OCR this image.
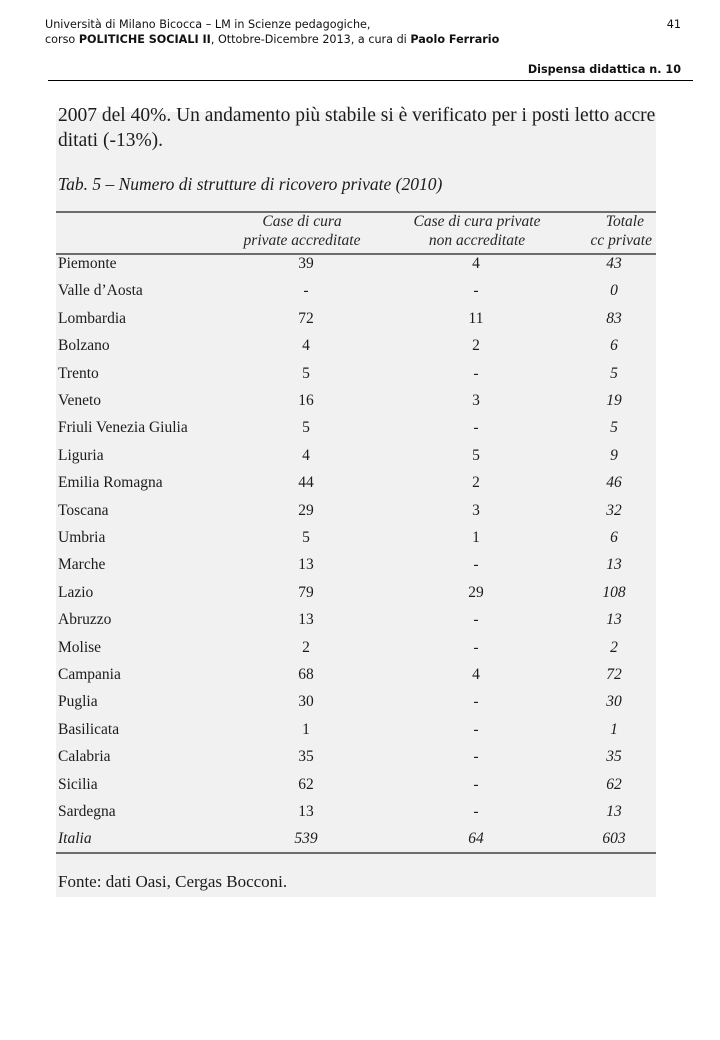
Università di Milano Bicocca – LM in Scienze pedagogiche,
corso POLITICHE SOCIALI II, Ottobre-Dicembre 2013, a cura di Paolo Ferrario
41
Dispensa didattica n. 10
2007 del 40%. Un andamento più stabile si è verificato per i posti letto accre
ditati (-13%).
Tab. 5 – Numero di strutture di ricovero private (2010)
Case di cura
private accreditate
Case di cura private
non accreditate
Totale
cc private
Piemonte	39	4	43
Valle d’Aosta	-	-	0
Lombardia	72	11	83
Bolzano	4	2	6
Trento	5	-	5
Veneto	16	3	19
Friuli Venezia Giulia	5	-	5
Liguria	4	5	9
Emilia Romagna	44	2	46
Toscana	29	3	32
Umbria	5	1	6
Marche	13	-	13
Lazio	79	29	108
Abruzzo	13	-	13
Molise	2	-	2
Campania	68	4	72
Puglia	30	-	30
Basilicata	1	-	1
Calabria	35	-	35
Sicilia	62	-	62
Sardegna	13	-	13
Italia	539	64	603
Fonte: dati Oasi, Cergas Bocconi.
